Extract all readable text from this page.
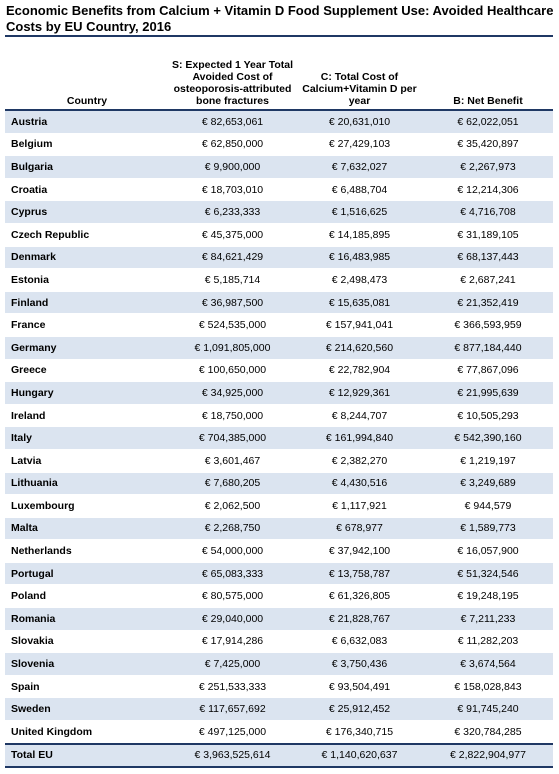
Economic Benefits from Calcium + Vitamin D Food Supplement Use: Avoided Healthcare Costs by EU Country, 2016
Country	S: Expected 1 Year Total Avoided Cost of osteoporosis-attributed bone fractures	C: Total Cost of Calcium+Vitamin D per year	B: Net Benefit
Austria	€ 82,653,061	€ 20,631,010	€ 62,022,051
Belgium	€ 62,850,000	€ 27,429,103	€ 35,420,897
Bulgaria	€ 9,900,000	€ 7,632,027	€ 2,267,973
Croatia	€ 18,703,010	€ 6,488,704	€ 12,214,306
Cyprus	€ 6,233,333	€ 1,516,625	€ 4,716,708
Czech Republic	€ 45,375,000	€ 14,185,895	€ 31,189,105
Denmark	€ 84,621,429	€ 16,483,985	€ 68,137,443
Estonia	€ 5,185,714	€ 2,498,473	€ 2,687,241
Finland	€ 36,987,500	€ 15,635,081	€ 21,352,419
France	€ 524,535,000	€ 157,941,041	€ 366,593,959
Germany	€ 1,091,805,000	€ 214,620,560	€ 877,184,440
Greece	€ 100,650,000	€ 22,782,904	€ 77,867,096
Hungary	€ 34,925,000	€ 12,929,361	€ 21,995,639
Ireland	€ 18,750,000	€ 8,244,707	€ 10,505,293
Italy	€ 704,385,000	€ 161,994,840	€ 542,390,160
Latvia	€ 3,601,467	€ 2,382,270	€ 1,219,197
Lithuania	€ 7,680,205	€ 4,430,516	€ 3,249,689
Luxembourg	€ 2,062,500	€ 1,117,921	€ 944,579
Malta	€ 2,268,750	€ 678,977	€ 1,589,773
Netherlands	€ 54,000,000	€ 37,942,100	€ 16,057,900
Portugal	€ 65,083,333	€ 13,758,787	€ 51,324,546
Poland	€ 80,575,000	€ 61,326,805	€ 19,248,195
Romania	€ 29,040,000	€ 21,828,767	€ 7,211,233
Slovakia	€ 17,914,286	€ 6,632,083	€ 11,282,203
Slovenia	€ 7,425,000	€ 3,750,436	€ 3,674,564
Spain	€ 251,533,333	€ 93,504,491	€ 158,028,843
Sweden	€ 117,657,692	€ 25,912,452	€ 91,745,240
United Kingdom	€ 497,125,000	€ 176,340,715	€ 320,784,285
Total EU	€ 3,963,525,614	€ 1,140,620,637	€ 2,822,904,977
